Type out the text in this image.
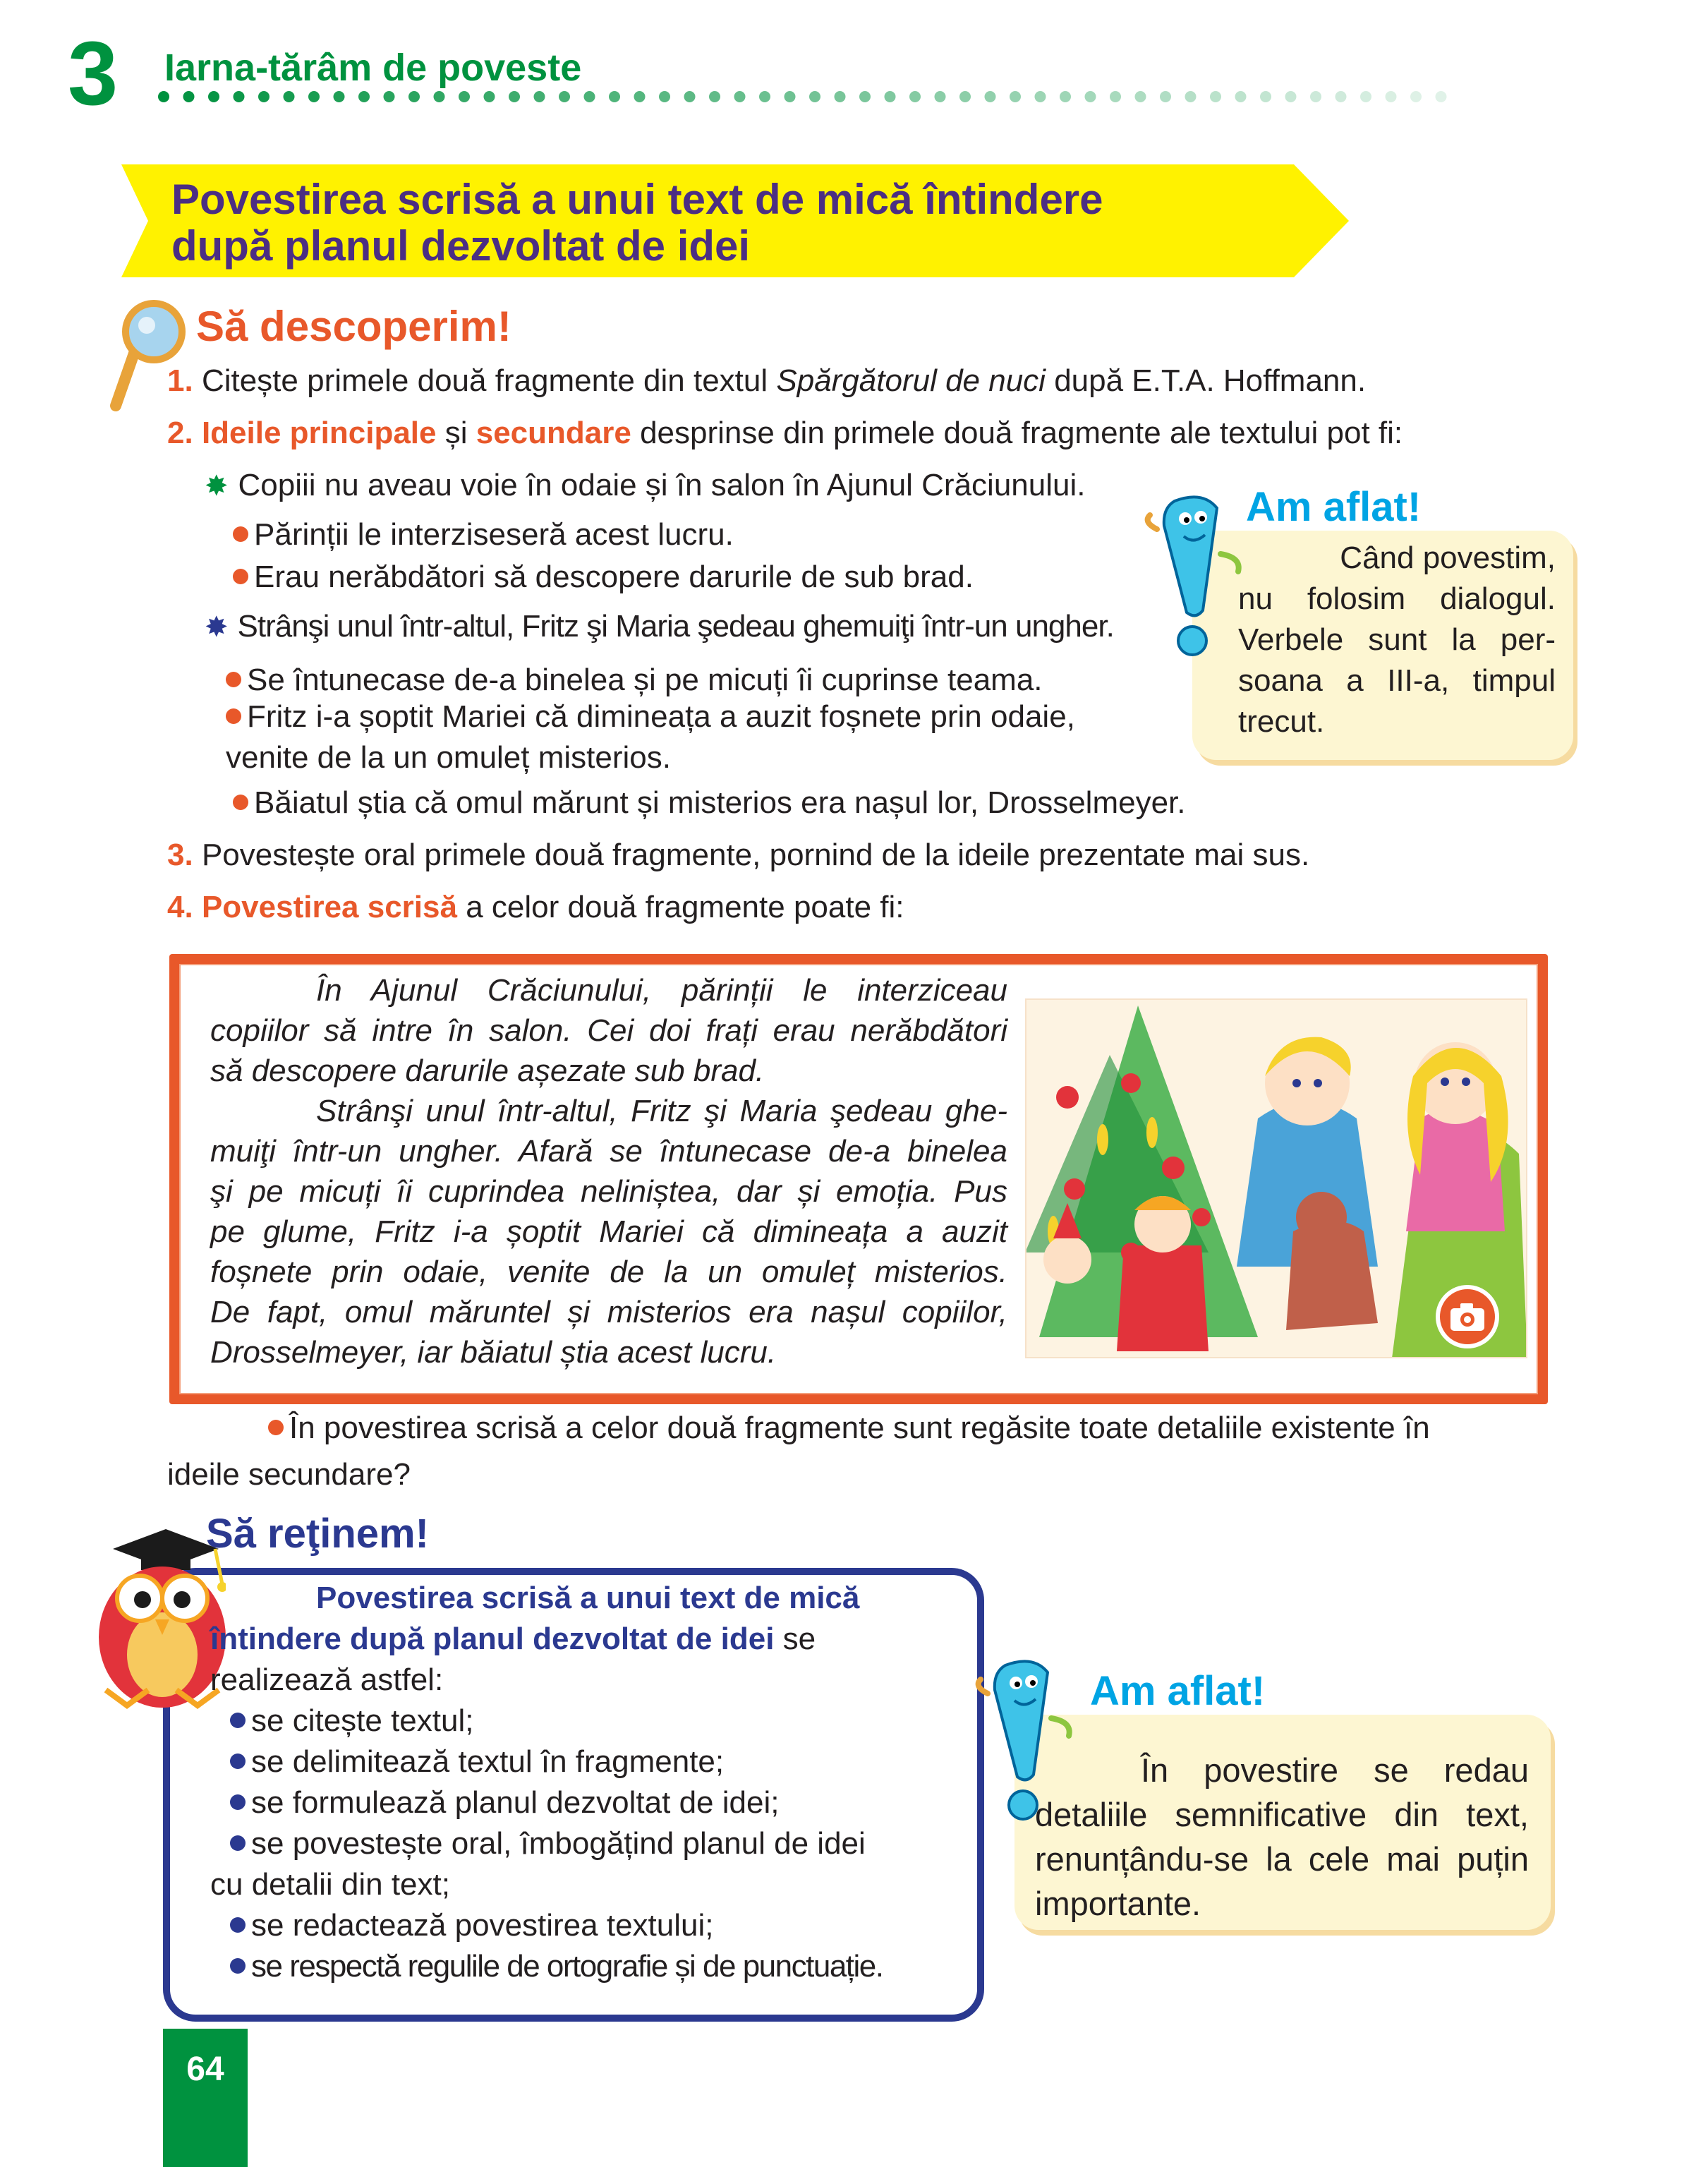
3 Iarna-tărâm de poveste
Povestirea scrisă a unui text de mică întindere
după planul dezvoltat de idei
Să descoperim!
1. Citește primele două fragmente din textul Spărgătorul de nuci după E.T.A. Hoffmann.
2. Ideile principale și secundare desprinse din primele două fragmente ale textului pot fi:
✸ Copiii nu aveau voie în odaie și în salon în Ajunul Crăciunului.
Părinții le interziseseră acest lucru.
Erau nerăbdători să descopere darurile de sub brad.
✸ Strânşi unul într-altul, Fritz şi Maria şedeau ghemuiţi într-un ungher.
Se întunecase de-a binelea și pe micuți îi cuprinse teama.
Fritz i-a șoptit Mariei că dimineața a auzit foșnete prin odaie,
venite de la un omuleț misterios.
Băiatul știa că omul mărunt și misterios era nașul lor, Drosselmeyer.
3. Povestește oral primele două fragmente, pornind de la ideile prezentate mai sus.
4. Povestirea scrisă a celor două fragmente poate fi:
Am aflat!
Când povestim,
nu folosim dialogul.
Verbele sunt la per-
soana a III-a, timpul
trecut.
În Ajunul Crăciunului, părinții le interziceau
copiilor să intre în salon. Cei doi frați erau nerăbdători
să descopere darurile așezate sub brad.
Strânşi unul într-altul, Fritz şi Maria şedeau ghe-
muiţi într-un ungher. Afară se întunecase de-a binelea
şi pe micuți îi cuprindea neliniștea, dar și emoția. Pus
pe glume, Fritz i-a șoptit Mariei că dimineața a auzit
foșnete prin odaie, venite de la un omuleț misterios.
De fapt, omul măruntel și misterios era nașul copiilor,
Drosselmeyer, iar băiatul știa acest lucru.
În povestirea scrisă a celor două fragmente sunt regăsite toate detaliile existente în
ideile secundare?
Să reţinem!
Povestirea scrisă a unui text de mică
întindere după planul dezvoltat de idei se
realizează astfel:
se citește textul;
se delimitează textul în fragmente;
se formulează planul dezvoltat de idei;
se povestește oral, îmbogățind planul de idei
cu detalii din text;
se redactează povestirea textului;
se respectă regulile de ortografie și de punctuație.
Am aflat!
În povestire se redau
detaliile semnificative din text,
renunțându-se la cele mai puțin
importante.
64
